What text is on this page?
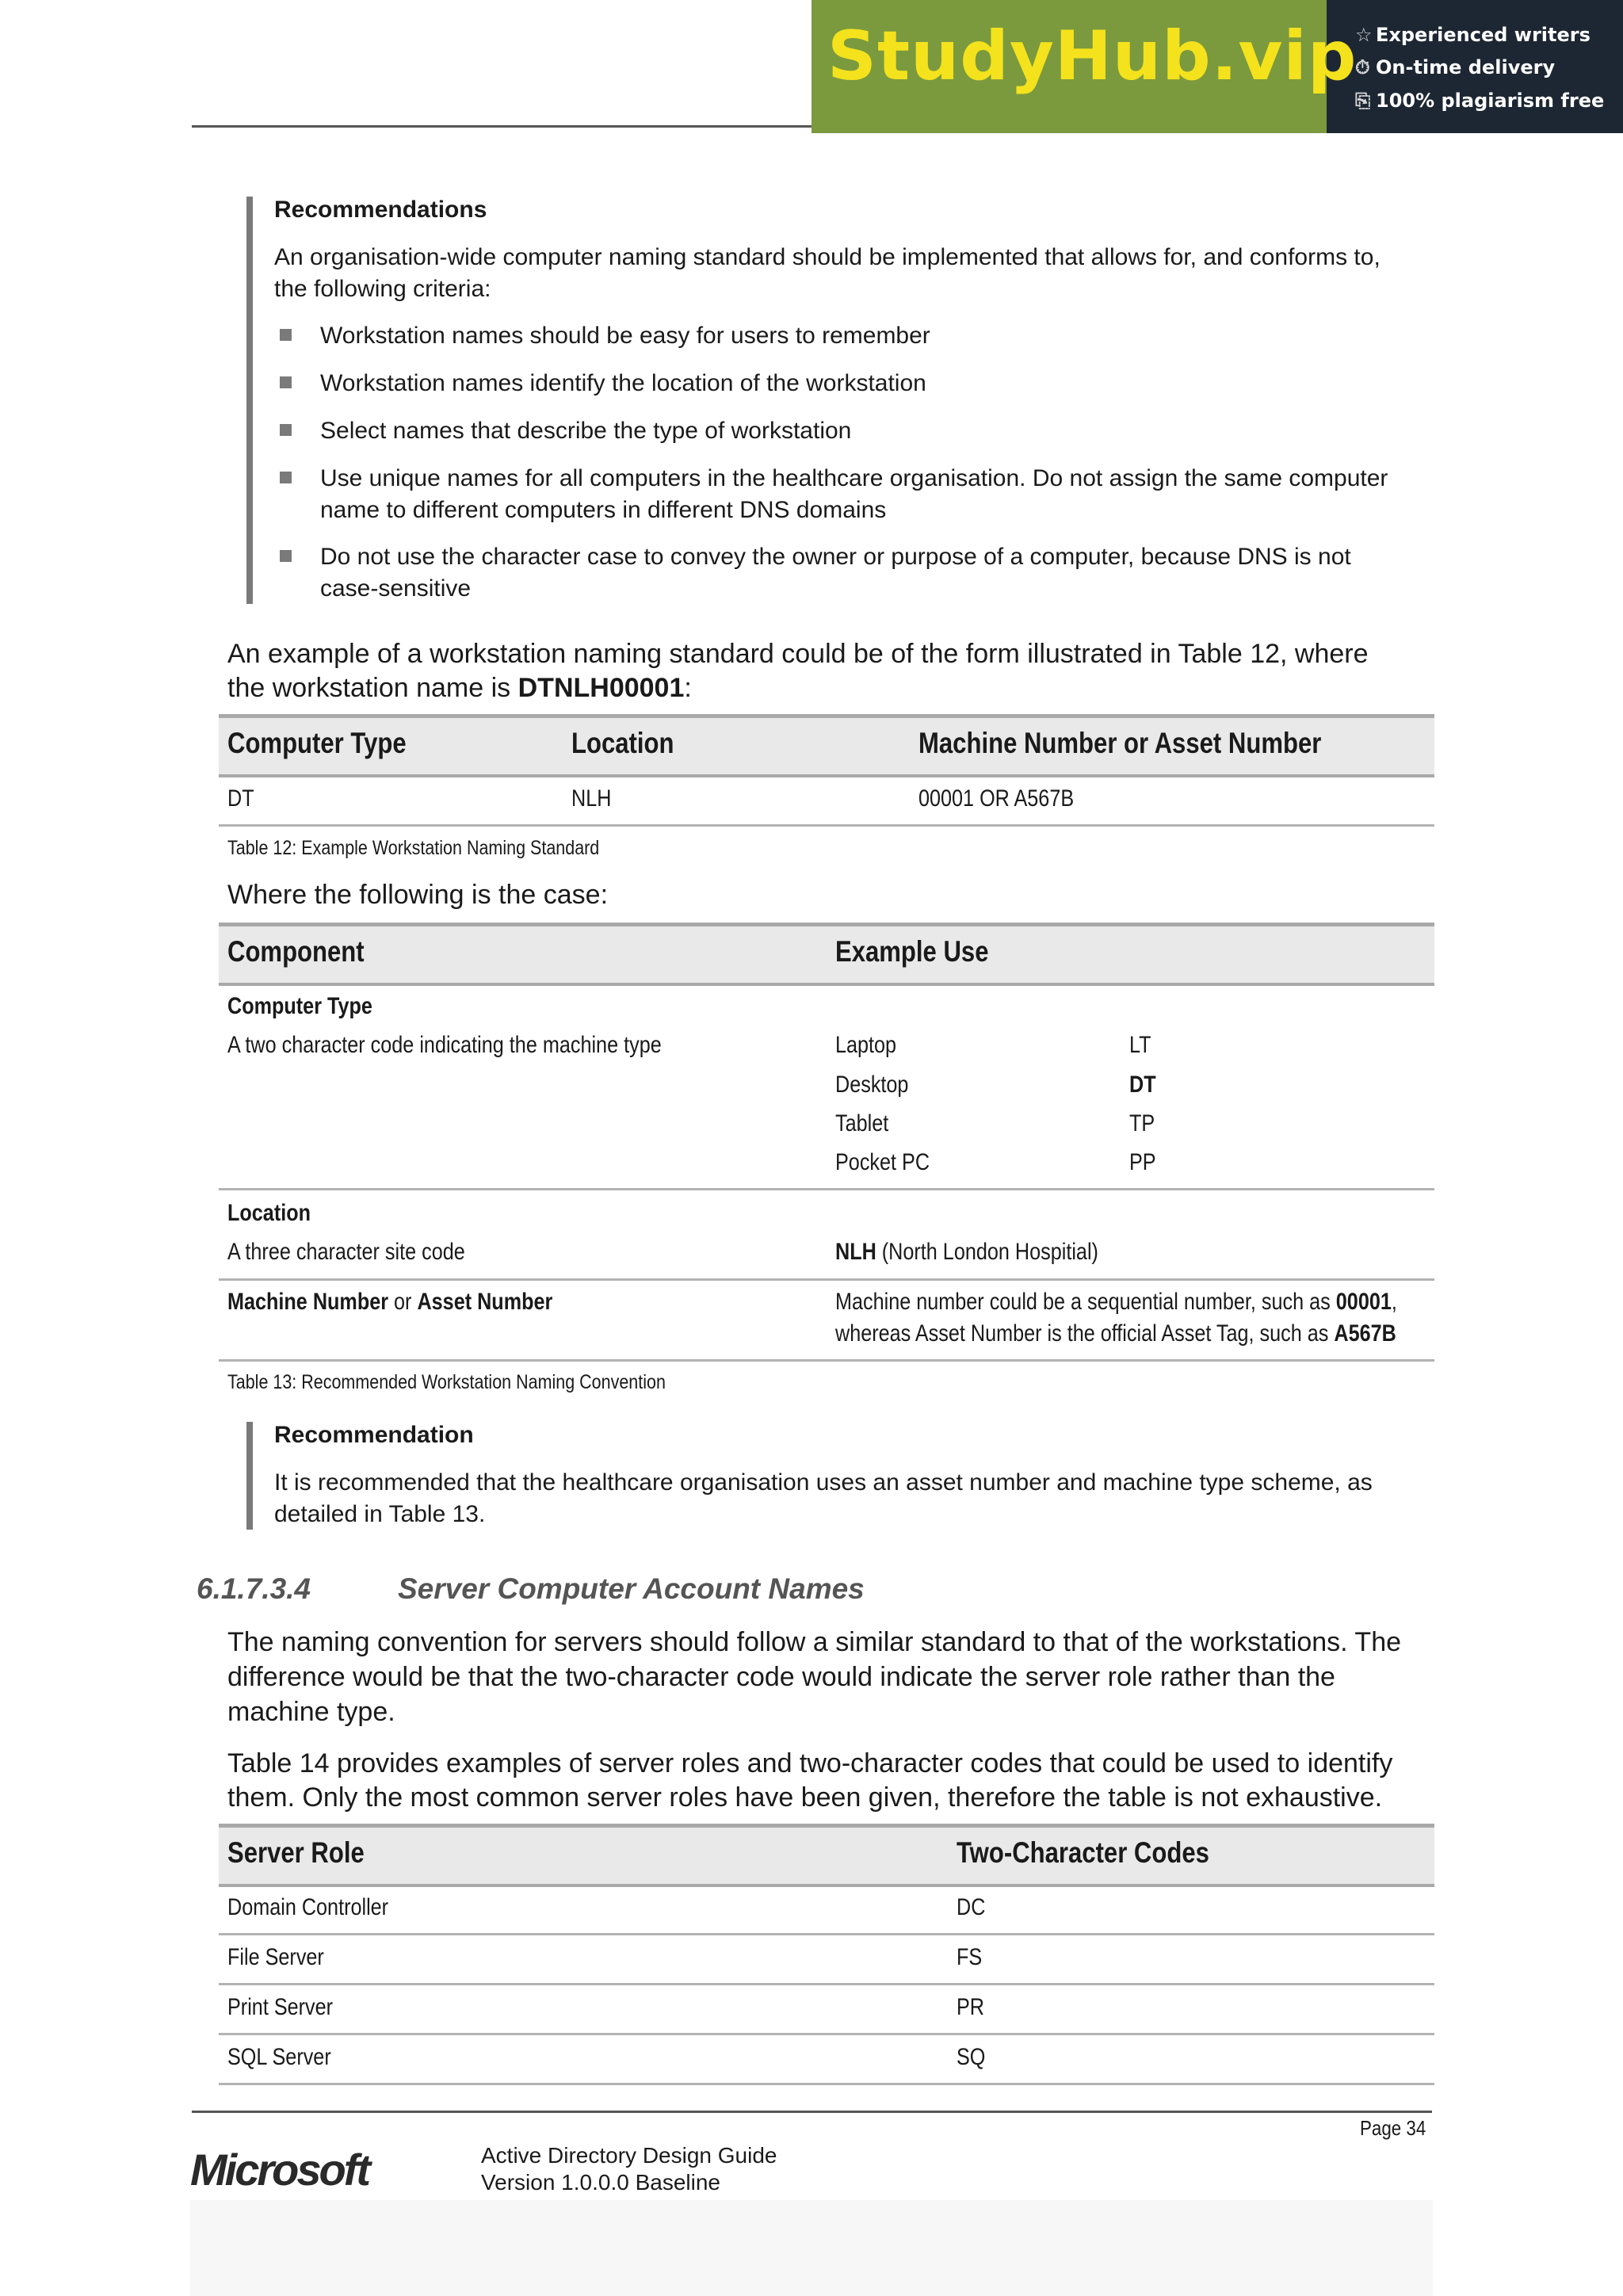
StudyHub.vip
☆ Experienced writers
⏱ On-time delivery
⎘ 100% plagiarism free
Recommendations
An organisation-wide computer naming standard should be implemented that allows for, and conforms to,
the following criteria:
Workstation names should be easy for users to remember
Workstation names identify the location of the workstation
Select names that describe the type of workstation
Use unique names for all computers in the healthcare organisation. Do not assign the same computer
name to different computers in different DNS domains
Do not use the character case to convey the owner or purpose of a computer, because DNS is not
case-sensitive
An example of a workstation naming standard could be of the form illustrated in Table 12, where
the workstation name is DTNLH00001:
Computer Type	Location	Machine Number or Asset Number
DT	NLH	00001 OR A567B
Table 12: Example Workstation Naming Standard
Where the following is the case:
Component	Example Use
Computer Type
A two character code indicating the machine type	Laptop	LT
Desktop	DT
Tablet	TP
Pocket PC	PP
Location
A three character site code	NLH (North London Hospitial)
Machine Number or Asset Number	Machine number could be a sequential number, such as 00001,
whereas Asset Number is the official Asset Tag, such as A567B
Table 13: Recommended Workstation Naming Convention
Recommendation
It is recommended that the healthcare organisation uses an asset number and machine type scheme, as
detailed in Table 13.
6.1.7.3.4	Server Computer Account Names
The naming convention for servers should follow a similar standard to that of the workstations. The
difference would be that the two-character code would indicate the server role rather than the
machine type.
Table 14 provides examples of server roles and two-character codes that could be used to identify
them. Only the most common server roles have been given, therefore the table is not exhaustive.
Server Role	Two-Character Codes
Domain Controller	DC
File Server	FS
Print Server	PR
SQL Server	SQ
Page 34
Microsoft	Active Directory Design Guide
Version 1.0.0.0 Baseline
